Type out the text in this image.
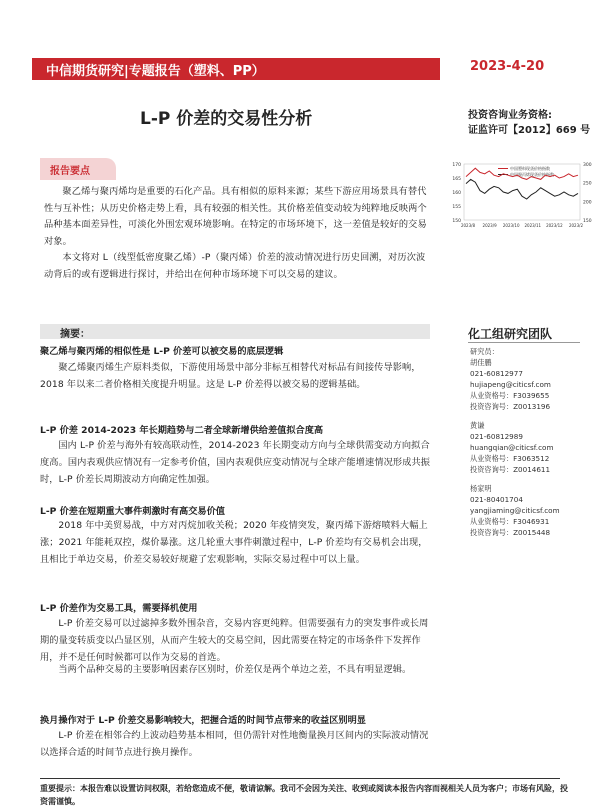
中信期货研究|专题报告（塑料、PP）	2023-4-20
L-P 价差的交易性分析	投资咨询业务资格:
证监许可【2012】669 号
报告要点
聚乙烯与聚丙烯均是重要的石化产品。具有相似的原料来源；某些下游应用场景具有替代性与互补性；从历史价格走势上看，具有较强的相关性。其价格差值变动较为纯粹地反映两个品种基本面差异性，可淡化外围宏观环境影响。在特定的市场环境下，这一差值是较好的交易对象。
本文将对 L（线型低密度聚乙烯）-P（聚丙烯）价差的波动情况进行历史回溯，对历次波动背后的或有逻辑进行探讨，并给出在何种市场环境下可以交易的建议。
150
155
160
165
170
150
200
250
300
2023/8 2023/9 2023/10 2023/11 2023/12 2023/2
中国塑料现货价格指数
中国聚丙烯现货价格指数
摘要：
聚乙烯与聚丙烯的相似性是 L-P 价差可以被交易的底层逻辑
聚乙烯聚丙烯生产原料类似，下游使用场景中部分非标互相替代对标品有间接传导影响，2018 年以来二者价格相关度提升明显。这是 L-P 价差得以被交易的逻辑基础。
L-P 价差 2014-2023 年长期趋势与二者全球新增供给差值拟合度高
国内 L-P 价差与海外有较高联动性，2014-2023 年长期变动方向与全球供需变动方向拟合度高。国内表观供应情况有一定参考价值，国内表观供应变动情况与全球产能增速情况形成共振时，L-P 价差长周期波动方向确定性加强。
L-P 价差在短期重大事件刺激时有高交易价值
2018 年中美贸易战，中方对丙烷加收关税；2020 年疫情突发，聚丙烯下游熔喷料大幅上涨；2021 年能耗双控，煤价暴涨。这几轮重大事件刺激过程中，L-P 价差均有交易机会出现，且相比于单边交易，价差交易较好规避了宏观影响，实际交易过程中可以上量。
L-P 价差作为交易工具，需要择机使用
L-P 价差交易可以过滤掉多数外围杂音，交易内容更纯粹。但需要强有力的突发事件或长周期的量变转质变以凸显区别，从而产生较大的交易空间，因此需要在特定的市场条件下发挥作用，并不是任何时候都可以作为交易的首选。
当两个品种交易的主要影响因素存区别时，价差仅是两个单边之差，不具有明显逻辑。
换月操作对于 L-P 价差交易影响较大，把握合适的时间节点带来的收益区别明显
L-P 价差在相邻合约上波动趋势基本相同，但仍需针对性地衡量换月区间内的实际波动情况以选择合适的时间节点进行换月操作。
化工组研究团队
研究员：
胡佳鹏
021-60812977
hujiapeng@citicsf.com
从业资格号：F3039655
投资咨询号：Z0013196
黄谦
021-60812989
huangqian@citicsf.com
从业资格号：F3063512
投资咨询号：Z0014611
杨家明
021-80401704
yangjiaming@citicsf.com
从业资格号：F3046931
投资咨询号：Z0015448
重要提示：本报告难以设置访问权限，若给您造成不便，敬请谅解。我司不会因为关注、收到或阅读本报告内容而视相关人员为客户；市场有风险，投资需谨慎。
